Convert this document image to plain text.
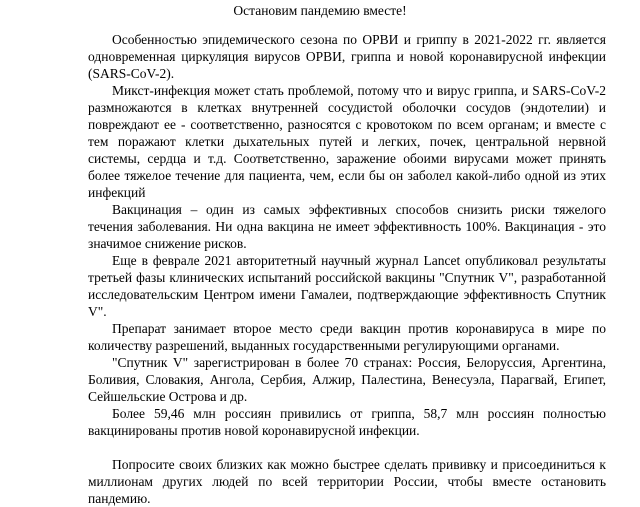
Остановим пандемию вместе!

Особенностью эпидемического сезона по ОРВИ и гриппу в 2021-2022 гг. является одновременная циркуляция вирусов ОРВИ, гриппа и новой коронавирусной инфекции (SARS-CoV-2).

Микст-инфекция может стать проблемой, потому что и вирус гриппа, и SARS-CoV-2 размножаются в клетках внутренней сосудистой оболочки сосудов (эндотелии) и повреждают ее - соответственно, разносятся с кровотоком по всем органам; и вместе с тем поражают клетки дыхательных путей и легких, почек, центральной нервной системы, сердца и т.д. Соответственно, заражение обоими вирусами может принять более тяжелое течение для пациента, чем, если бы он заболел какой-либо одной из этих инфекций

Вакцинация – один из самых эффективных способов снизить риски тяжелого течения заболевания. Ни одна вакцина не имеет эффективность 100%. Вакцинация - это значимое снижение рисков.

Еще в феврале 2021 авторитетный научный журнал Lancet опубликовал результаты третьей фазы клинических испытаний российской вакцины "Спутник V", разработанной исследовательским Центром имени Гамалеи, подтверждающие эффективность Спутник V".

Препарат занимает второе место среди вакцин против коронавируса в мире по количеству разрешений, выданных государственными регулирующими органами.

"Спутник V" зарегистрирован в более 70 странах: Россия, Белоруссия, Аргентина, Боливия, Словакия, Ангола, Сербия, Алжир, Палестина, Венесуэла, Парагвай, Египет, Сейшельские Острова и др.

Более 59,46 млн россиян привились от гриппа, 58,7 млн россиян полностью вакцинированы против новой коронавирусной инфекции.

Попросите своих близких как можно быстрее сделать прививку и присоединиться к миллионам других людей по всей территории России, чтобы вместе остановить пандемию.
